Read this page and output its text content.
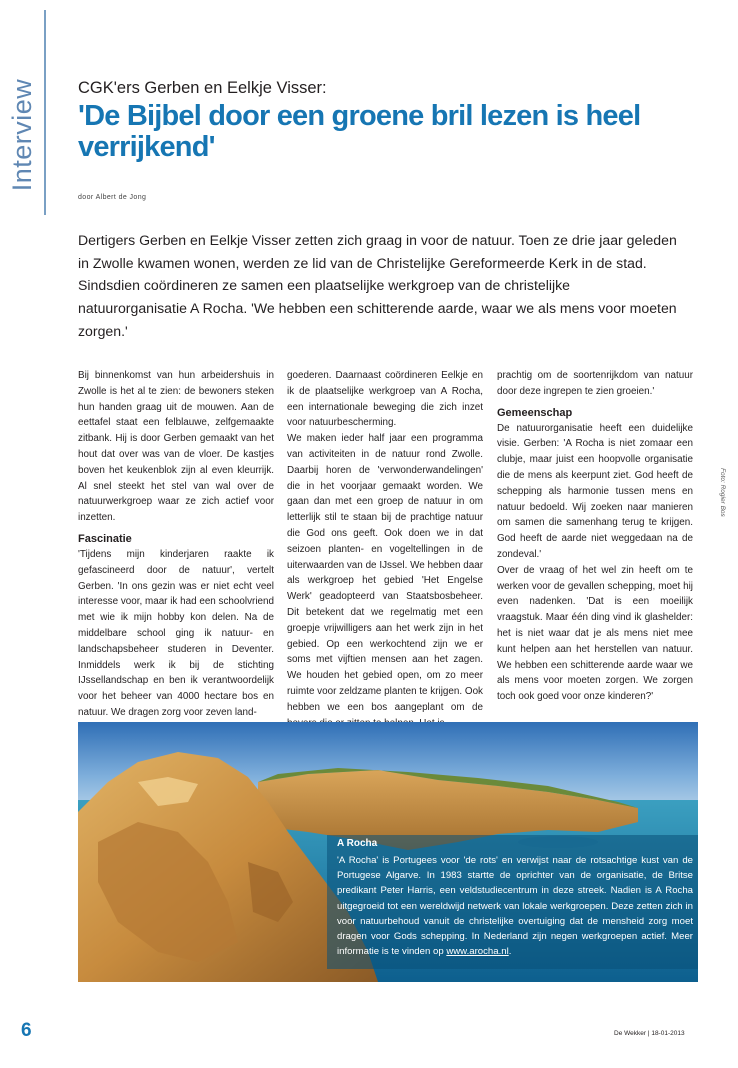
Interview CGK'ers Gerben en Eelkje Visser:
'De Bijbel door een groene bril lezen is heel verrijkend'
door Albert de Jong

Dertigers Gerben en Eelkje Visser zetten zich graag in voor de natuur. Toen ze drie jaar geleden in Zwolle kwamen wonen, werden ze lid van de Christelijke Gereformeerde Kerk in de stad. Sindsdien coördineren ze samen een plaatselijke werkgroep van de christelijke natuurorganisatie A Rocha. 'We hebben een schitterende aarde, waar we als mens voor moeten zorgen.'

Bij binnenkomst van hun arbeidershuis in Zwolle is het al te zien: de bewoners steken hun handen graag uit de mouwen. Aan de eettafel staat een felblauwe, zelfgemaakte zitbank. Hij is door Gerben gemaakt van het hout dat over was van de vloer. De kastjes boven het keukenblok zijn al even kleurrijk. Al snel steekt het stel van wal over de natuurwerkgroep waar ze zich actief voor inzetten.

Fascinatie

'Tijdens mijn kinderjaren raakte ik gefascineerd door de natuur', vertelt Gerben. 'In ons gezin was er niet echt veel interesse voor, maar ik had een schoolvriend met wie ik mijn hobby kon delen. Na de middelbare school ging ik natuur- en landschapsbeheer studeren in Deventer. Inmiddels werk ik bij de stichting IJssellandschap en ben ik verantwoordelijk voor het beheer van 4000 hectare bos en natuur. We dragen zorg voor zeven land-

goederen. Daarnaast coördineren Eelkje en ik de plaatselijke werkgroep van A Rocha, een internationale beweging die zich inzet voor natuurbescherming.

We maken ieder half jaar een programma van activiteiten in de natuur rond Zwolle. Daarbij horen de 'verwonderwandelingen' die in het voorjaar gemaakt worden. We gaan dan met een groep de natuur in om letterlijk stil te staan bij de prachtige natuur die God ons geeft. Ook doen we in dat seizoen planten- en vogeltellingen in de uiterwaarden van de IJssel. We hebben daar als werkgroep het gebied 'Het Engelse Werk' geadopteerd van Staatsbosbeheer. Dit betekent dat we regelmatig met een groepje vrijwilligers aan het werk zijn in het gebied. Op een werkochtend zijn we er soms met vijftien mensen aan het zagen. We houden het gebied open, om zo meer ruimte voor zeldzame planten te krijgen. Ook hebben we een bos aangeplant om de

prachtig om de soortenrijkdom van natuur door deze ingrepen te zien groeien.'

Gemeenschap

De natuurorganisatie heeft een duidelijke visie. Gerben: 'A Rocha is niet zomaar een clubje, maar juist een hoopvolle organisatie die de mens als keerpunt ziet. God heeft de schepping als harmonie tussen mens en natuur bedoeld. Wij zoeken naar manieren om samen die samenhang terug te krijgen. God heeft de aarde niet weggedaan na de zondeval.'

Over de vraag of het wel zin heeft om te werken voor de gevallen schepping, moet hij even nadenken. 'Dat is een moeilijk vraagstuk. Maar één ding vind ik glashelder: het is niet waar dat je als mens niet mee kunt helpen aan het herstellen van natuur. We hebben een schitterende aarde waar we als mens voor moeten zorgen. We zorgen toch ook goed voor onze kinderen?'

Foto: Rogier Bos
A Rocha

'A Rocha' is Portugees voor 'de rots' en verwijst naar de rotsachtige kust van de Portugese Algarve. In 1983 startte de oprichter van de organisatie, de Britse predikant Peter Harris, een veldstudiecentrum in deze streek. Nadien is A Rocha uitgegroeid tot een wereldwijd netwerk van lokale werkgroepen. Deze zetten zich in voor natuurbehoud vanuit de christelijke overtuiging dat de mensheid zorg moet dragen voor Gods schepping. In Nederland zijn negen werkgroepen actief. Meer informatie is te vinden op www.arocha.nl.

6	De Wekker | 18-01-2013
